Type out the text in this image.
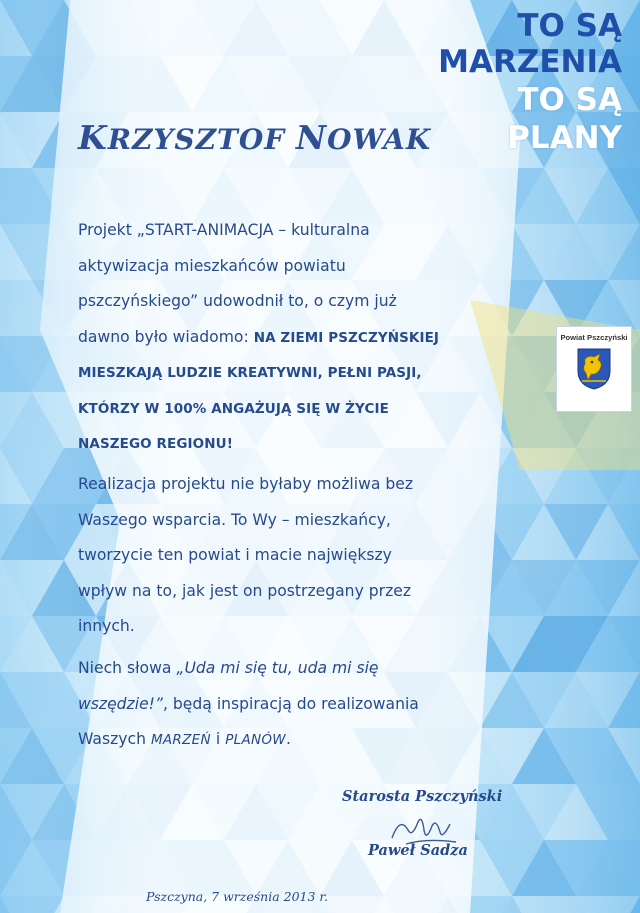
TO SĄ
MARZENIA
TO SĄ
PLANY
KRZYSZTOF NOWAK
Projekt „START-ANIMACJA – kulturalna
aktywizacja mieszkańców powiatu
pszczyńskiego” udowodnił to, o czym już
dawno było wiadomo: NA ZIEMI PSZCZYŃSKIEJ
MIESZKAJĄ LUDZIE KREATYWNI, PEŁNI PASJI,
KTÓRZY W 100% ANGAŻUJĄ SIĘ W ŻYCIE
NASZEGO REGIONU!
Realizacja projektu nie byłaby możliwa bez
Waszego wsparcia. To Wy – mieszkańcy,
tworzycie ten powiat i macie największy
wpływ na to, jak jest on postrzegany przez
innych.
Niech słowa „Uda mi się tu, uda mi się
wszędzie!”, będą inspiracją do realizowania
Waszych MARZEŃ i PLANÓW.
Powiat Pszczyński
Starosta Pszczyński
Paweł Sadza
Pszczyna, 7 września 2013 r.
